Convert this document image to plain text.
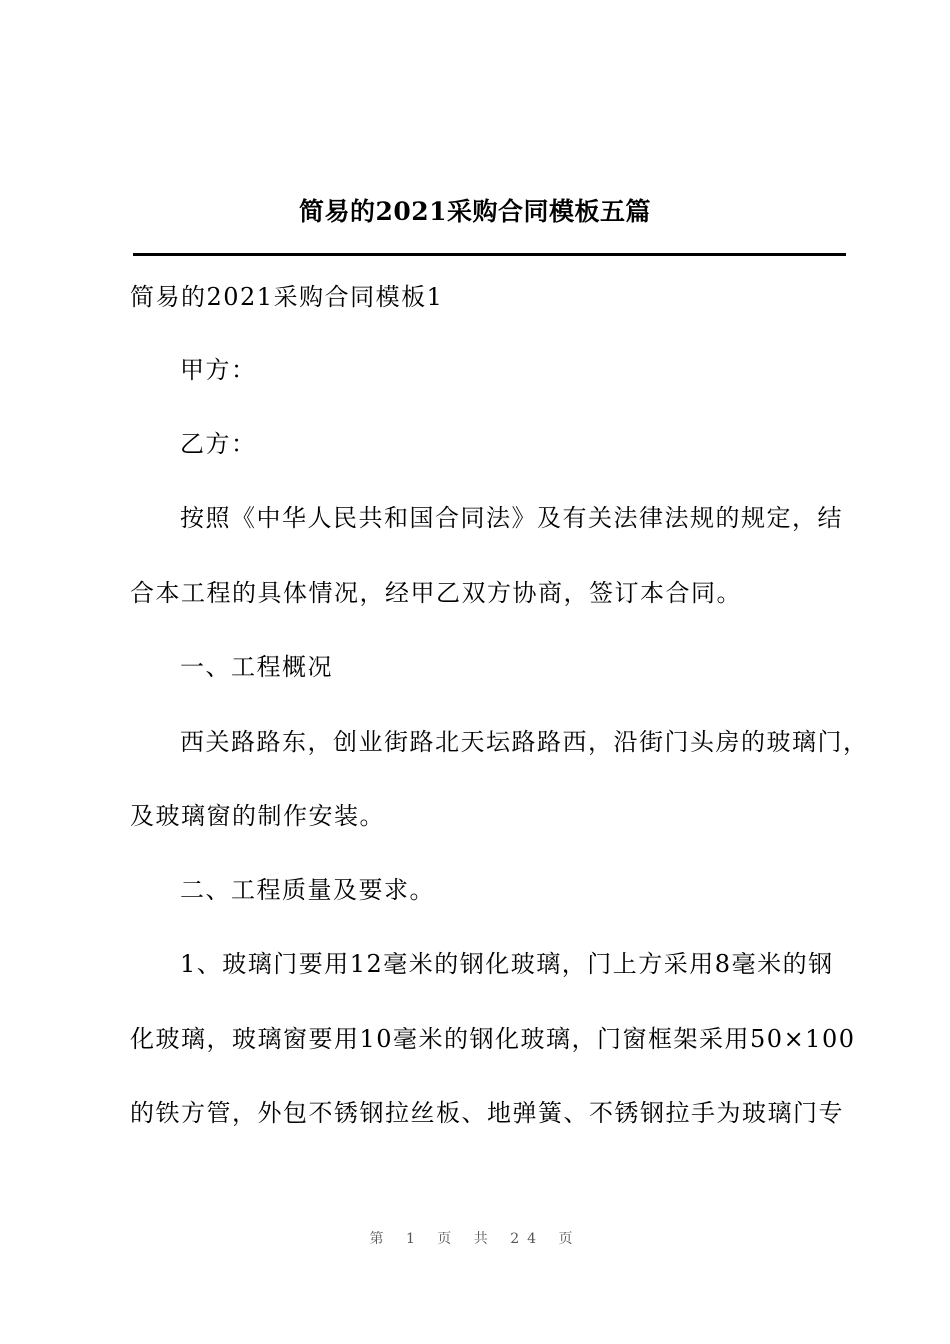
简易的2021采购合同模板五篇
简易的2021采购合同模板1
甲方：
乙方：
按照《中华人民共和国合同法》及有关法律法规的规定，结
合本工程的具体情况，经甲乙双方协商，签订本合同。
一、工程概况
西关路路东，创业街路北天坛路路西，沿街门头房的玻璃门，
及玻璃窗的制作安装。
二、工程质量及要求。
1、玻璃门要用12毫米的钢化玻璃，门上方采用8毫米的钢
化玻璃，玻璃窗要用10毫米的钢化玻璃，门窗框架采用50×100
的铁方管，外包不锈钢拉丝板、地弹簧、不锈钢拉手为玻璃门专
第 1 页 共 24 页
